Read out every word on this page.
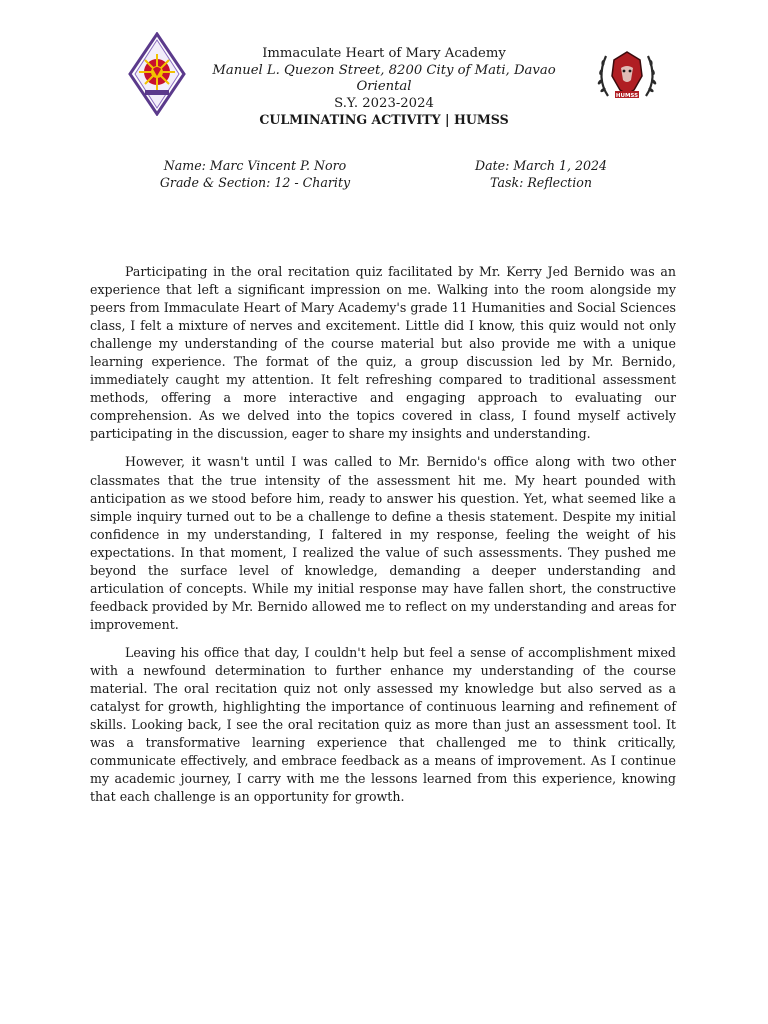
HUMSS
Immaculate Heart of Mary Academy
Manuel L. Quezon Street, 8200 City of Mati, Davao Oriental
S.Y. 2023-2024
CULMINATING ACTIVITY | HUMSS
Name: Marc Vincent P. Noro
Grade & Section: 12 - Charity
Date: March 1, 2024
Task: Reflection

Participating in the oral recitation quiz facilitated by Mr. Kerry Jed Bernido was an experience that left a significant impression on me. Walking into the room alongside my peers from Immaculate Heart of Mary Academy's grade 11 Humanities and Social Sciences class, I felt a mixture of nerves and excitement. Little did I know, this quiz would not only challenge my understanding of the course material but also provide me with a unique learning experience. The format of the quiz, a group discussion led by Mr. Bernido, immediately caught my attention. It felt refreshing compared to traditional assessment methods, offering a more interactive and engaging approach to evaluating our comprehension. As we delved into the topics covered in class, I found myself actively participating in the discussion, eager to share my insights and understanding.

However, it wasn't until I was called to Mr. Bernido's office along with two other classmates that the true intensity of the assessment hit me. My heart pounded with anticipation as we stood before him, ready to answer his question. Yet, what seemed like a simple inquiry turned out to be a challenge to define a thesis statement. Despite my initial confidence in my understanding, I faltered in my response, feeling the weight of his expectations. In that moment, I realized the value of such assessments. They pushed me beyond the surface level of knowledge, demanding a deeper understanding and articulation of concepts. While my initial response may have fallen short, the constructive feedback provided by Mr. Bernido allowed me to reflect on my understanding and areas for improvement.

Leaving his office that day, I couldn't help but feel a sense of accomplishment mixed with a newfound determination to further enhance my understanding of the course material. The oral recitation quiz not only assessed my knowledge but also served as a catalyst for growth, highlighting the importance of continuous learning and refinement of skills. Looking back, I see the oral recitation quiz as more than just an assessment tool. It was a transformative learning experience that challenged me to think critically, communicate effectively, and embrace feedback as a means of improvement. As I continue my academic journey, I carry with me the lessons learned from this experience, knowing that each challenge is an opportunity for growth.
